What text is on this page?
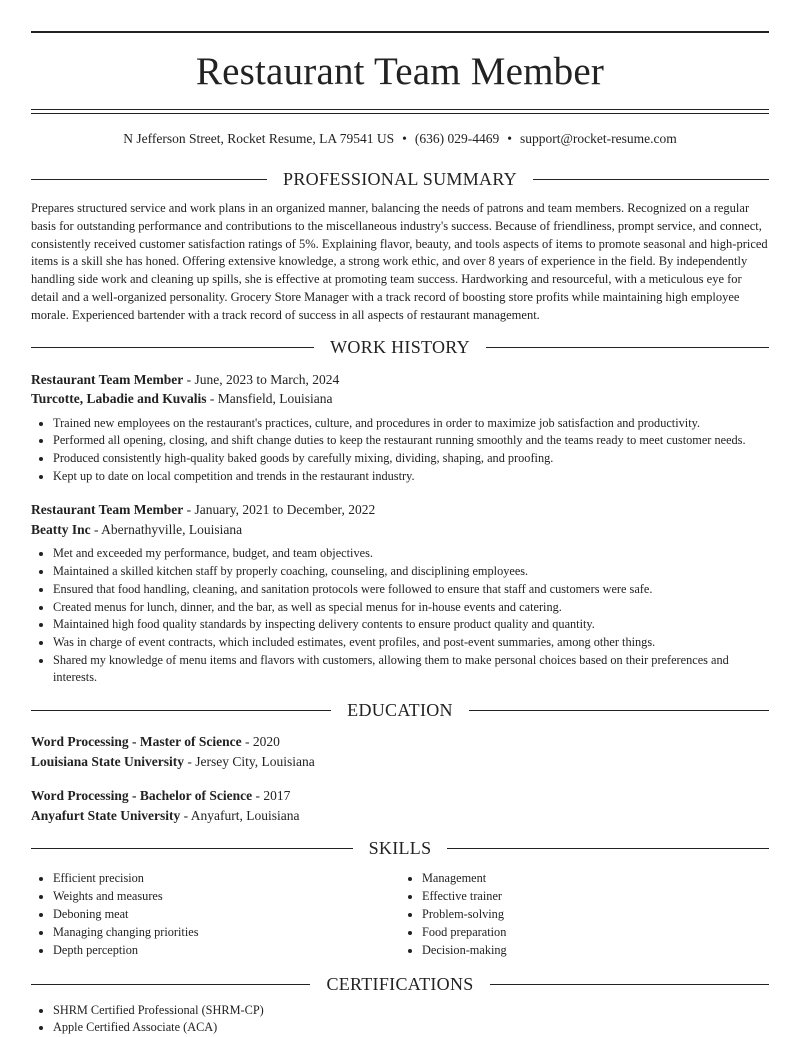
Restaurant Team Member
N Jefferson Street, Rocket Resume, LA 79541 US • (636) 029-4469 • support@rocket-resume.com
PROFESSIONAL SUMMARY

Prepares structured service and work plans in an organized manner, balancing the needs of patrons and team members. Recognized on a regular basis for outstanding performance and contributions to the miscellaneous industry's success. Because of friendliness, prompt service, and connect, consistently received customer satisfaction ratings of 5%. Explaining flavor, beauty, and tools aspects of items to promote seasonal and high-priced items is a skill she has honed. Offering extensive knowledge, a strong work ethic, and over 8 years of experience in the field. By independently handling side work and cleaning up spills, she is effective at promoting team success. Hardworking and resourceful, with a meticulous eye for detail and a well-organized personality. Grocery Store Manager with a track record of boosting store profits while maintaining high employee morale. Experienced bartender with a track record of success in all aspects of restaurant management.

WORK HISTORY
Restaurant Team Member - June, 2023 to March, 2024
Turcotte, Labadie and Kuvalis - Mansfield, Louisiana
• Trained new employees on the restaurant's practices, culture, and procedures in order to maximize job satisfaction and productivity.
• Performed all opening, closing, and shift change duties to keep the restaurant running smoothly and the teams ready to meet customer needs.
• Produced consistently high-quality baked goods by carefully mixing, dividing, shaping, and proofing.
• Kept up to date on local competition and trends in the restaurant industry.
Restaurant Team Member - January, 2021 to December, 2022
Beatty Inc - Abernathyville, Louisiana
• Met and exceeded my performance, budget, and team objectives.
• Maintained a skilled kitchen staff by properly coaching, counseling, and disciplining employees.
• Ensured that food handling, cleaning, and sanitation protocols were followed to ensure that staff and customers were safe.
• Created menus for lunch, dinner, and the bar, as well as special menus for in-house events and catering.
• Maintained high food quality standards by inspecting delivery contents to ensure product quality and quantity.
• Was in charge of event contracts, which included estimates, event profiles, and post-event summaries, among other things.
• Shared my knowledge of menu items and flavors with customers, allowing them to make personal choices based on their preferences and interests.
EDUCATION
Word Processing - Master of Science - 2020
Louisiana State University - Jersey City, Louisiana
Word Processing - Bachelor of Science - 2017
Anyafurt State University - Anyafurt, Louisiana
SKILLS
• Efficient precision
• Weights and measures
• Deboning meat
• Managing changing priorities
• Depth perception
• Management
• Effective trainer
• Problem-solving
• Food preparation
• Decision-making
CERTIFICATIONS
• SHRM Certified Professional (SHRM-CP)
• Apple Certified Associate (ACA)
